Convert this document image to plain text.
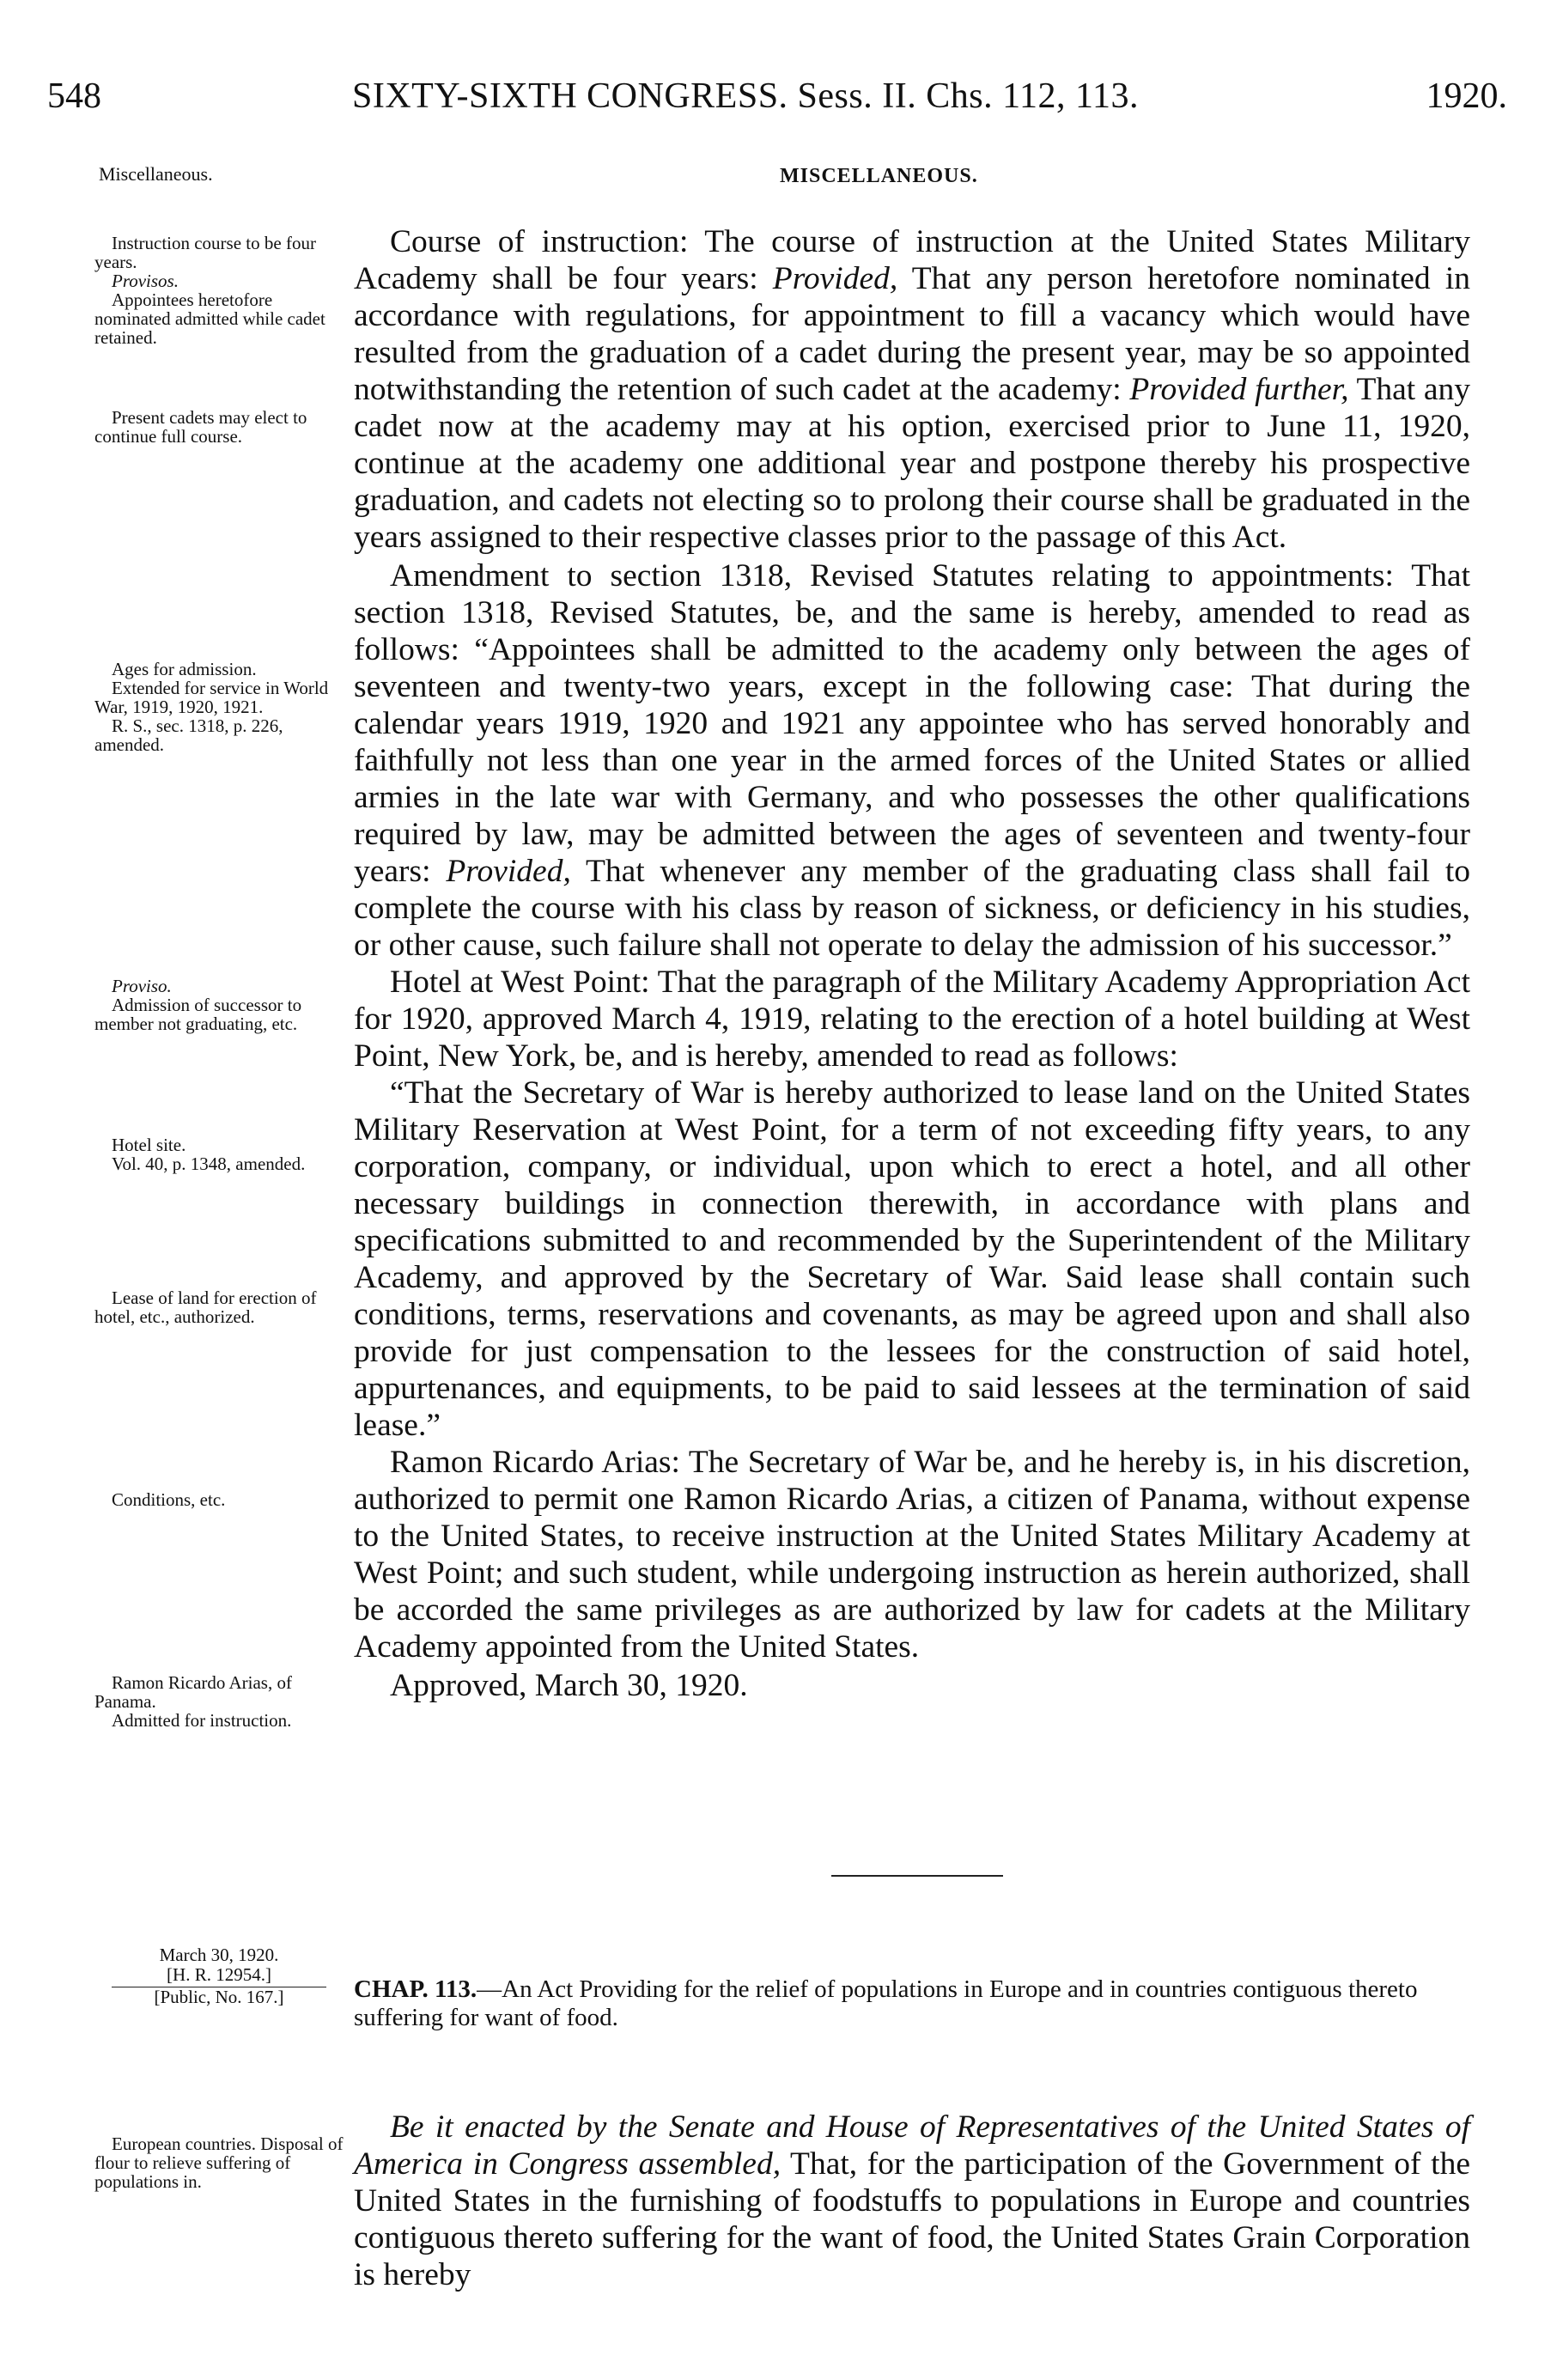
548	SIXTY-SIXTH CONGRESS. Sess. II. Chs. 112, 113.	1920.
Miscellaneous.	MISCELLANEOUS.
Instruction course to be four years.
Provisos.
Appointees heretofore nominated admitted while cadet retained.
Present cadets may elect to continue full course.
Ages for admission.
Extended for service in World War, 1919, 1920, 1921.
R. S., sec. 1318, p. 226, amended.
Proviso.
Admission of successor to member not graduating, etc.
Hotel site.
Vol. 40, p. 1348, amended.
Lease of land for erection of hotel, etc., authorized.
Conditions, etc.
Ramon Ricardo Arias, of Panama.
Admitted for instruction.

Course of instruction: The course of instruction at the United States Military Academy shall be four years: Provided, That any person heretofore nominated in accordance with regulations, for appointment to fill a vacancy which would have resulted from the graduation of a cadet during the present year, may be so appointed notwithstanding the retention of such cadet at the academy: Provided further, That any cadet now at the academy may at his option, exercised prior to June 11, 1920, continue at the academy one additional year and postpone thereby his prospective graduation, and cadets not electing so to prolong their course shall be graduated in the years assigned to their respective classes prior to the passage of this Act.

Amendment to section 1318, Revised Statutes relating to appointments: That section 1318, Revised Statutes, be, and the same is hereby, amended to read as follows: “Appointees shall be admitted to the academy only between the ages of seventeen and twenty-two years, except in the following case: That during the calendar years 1919, 1920 and 1921 any appointee who has served honorably and faithfully not less than one year in the armed forces of the United States or allied armies in the late war with Germany, and who possesses the other qualifications required by law, may be admitted between the ages of seventeen and twenty-four years: Provided, That whenever any member of the graduating class shall fail to complete the course with his class by reason of sickness, or deficiency in his studies, or other cause, such failure shall not operate to delay the admission of his successor.”

Hotel at West Point: That the paragraph of the Military Academy Appropriation Act for 1920, approved March 4, 1919, relating to the erection of a hotel building at West Point, New York, be, and is hereby, amended to read as follows:

“That the Secretary of War is hereby authorized to lease land on the United States Military Reservation at West Point, for a term of not exceeding fifty years, to any corporation, company, or individual, upon which to erect a hotel, and all other necessary buildings in connection therewith, in accordance with plans and specifications submitted to and recommended by the Superintendent of the Military Academy, and approved by the Secretary of War. Said lease shall contain such conditions, terms, reservations and covenants, as may be agreed upon and shall also provide for just compensation to the lessees for the construction of said hotel, appurtenances, and equipments, to be paid to said lessees at the termination of said lease.”

Ramon Ricardo Arias: The Secretary of War be, and he hereby is, in his discretion, authorized to permit one Ramon Ricardo Arias, a citizen of Panama, without expense to the United States, to receive instruction at the United States Military Academy at West Point; and such student, while undergoing instruction as herein authorized, shall be accorded the same privileges as are authorized by law for cadets at the Military Academy appointed from the United States.

Approved, March 30, 1920.

March 30, 1920.
[H. R. 12954.]
[Public, No. 167.]	CHAP. 113.—An Act Providing for the relief of populations in Europe and in countries contiguous thereto suffering for want of food.
European countries. Disposal of flour to relieve suffering of populations in.

Be it enacted by the Senate and House of Representatives of the United States of America in Congress assembled, That, for the participation of the Government of the United States in the furnishing of foodstuffs to populations in Europe and countries contiguous thereto suffering for the want of food, the United States Grain Corporation is hereby
